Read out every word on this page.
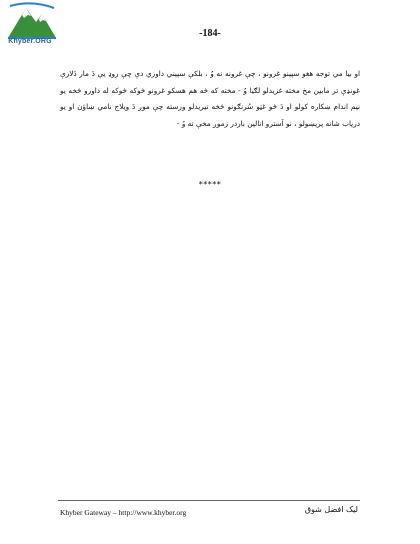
Khyber.ORG
-184-

او بيا مي توجه هغو سپينو غرونو ، چې غرونه نه وُ ، بلکې سپيني داوري دې چې روډ يې دَ مار دَلارې غونډې تر مابين مخ مخته غزيدلو لګيا وُ - مخته که څه هم هسکو غرونو څوکه څوکه له داورو څخه يو نيم اندام ښکاره کولو او دَ څو غټو سُرنګونو څخه تيريدلو ورسته چې موږ دَ ويلاج نامي ښاؤن او يو درياب شانه پريښولو ، نو آسترو انالين باردر زموږ مخې ته وُ -

*****
Khyber Gateway – http://www.khyber.org	ليک افضل شوق
